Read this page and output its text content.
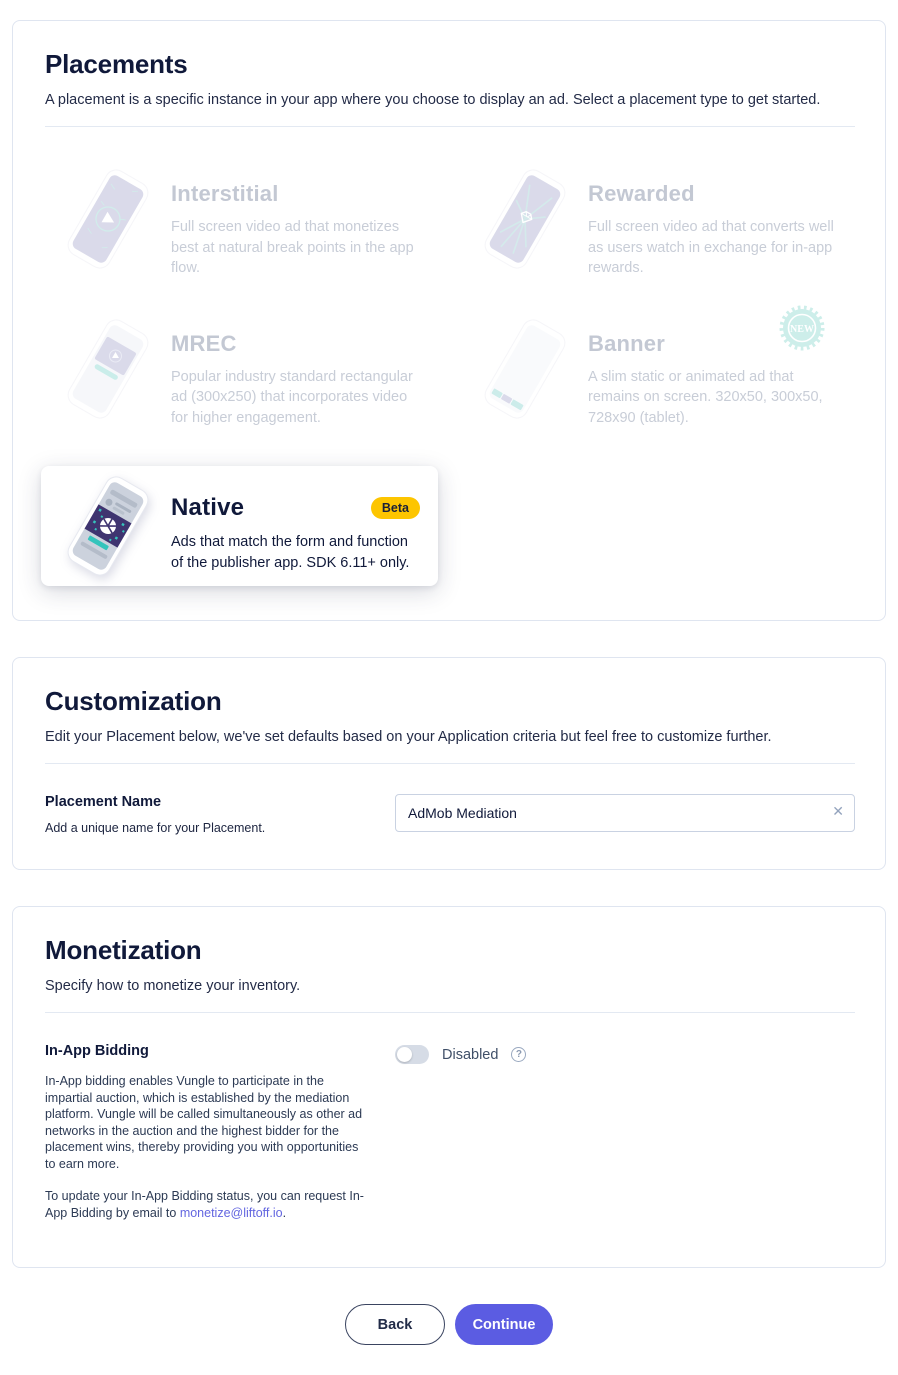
Placements

A placement is a specific instance in your app where you choose to display an ad. Select a placement type to get started.

Interstitial
Full screen video ad that monetizes best at natural break points in the app flow.
Rewarded
Full screen video ad that converts well as users watch in exchange for in-app rewards.
MREC
Popular industry standard rectangular ad (300x250) that incorporates video for higher engagement.
Banner
A slim static or animated ad that remains on screen. 320x50, 300x50, 728x90 (tablet).
NEW
Native	Beta
Ads that match the form and function of the publisher app. SDK 6.11+ only.
Customization

Edit your Placement below, we've set defaults based on your Application criteria but feel free to customize further.

Placement Name
Add a unique name for your Placement.
AdMob Mediation
✕
Monetization

Specify how to monetize your inventory.

In-App Bidding

In-App bidding enables Vungle to participate in the impartial auction, which is established by the mediation platform. Vungle will be called simultaneously as other ad networks in the auction and the highest bidder for the placement wins, thereby providing you with opportunities to earn more.

To update your In-App Bidding status, you can request In-App Bidding by email to monetize@liftoff.io.

Disabled	?
Back	Continue
